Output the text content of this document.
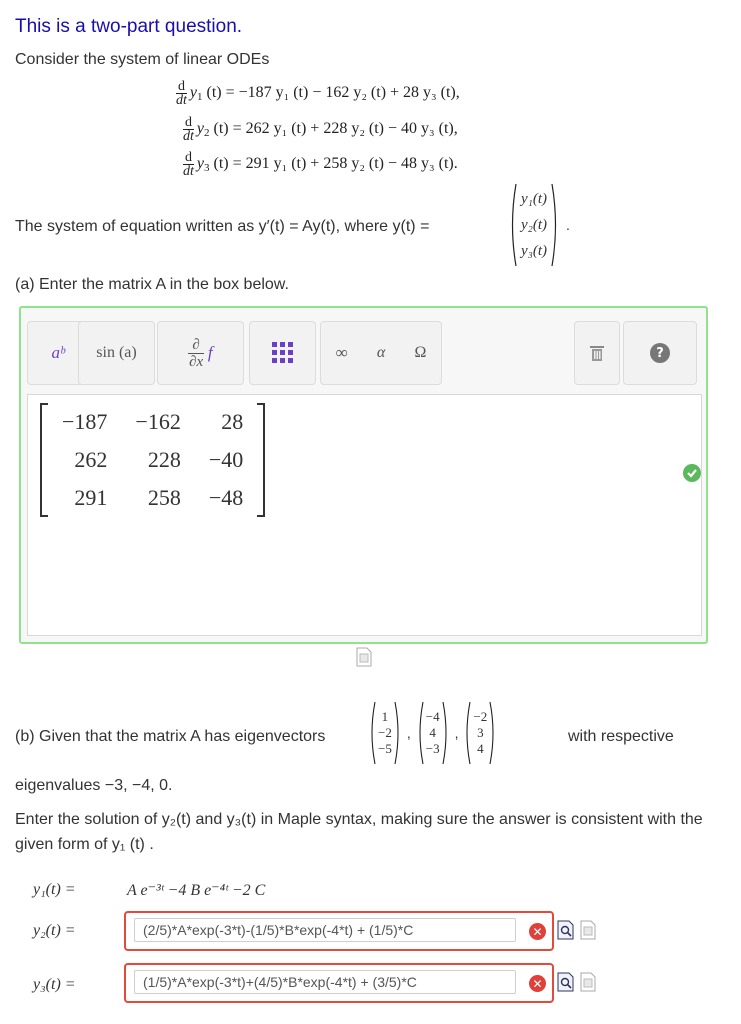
This is a two-part question.
Consider the system of linear ODEs
$\frac{d}{dt} y_1$ (t) = −187 y₁ (t) − 162 y₂ (t) + 28 y₃ (t),
$\frac{d}{dt} y_2$ (t) = 262 y₁ (t) + 228 y₂ (t) − 40 y₃ (t),
$\frac{d}{dt} y_3$ (t) = 291 y₁ (t) + 258 y₂ (t) − 48 y₃ (t).
The system of equation written as y′(t) = Ay(t), where y(t) =
y₁(t)
y₂(t)
y₃(t)
.
(a) Enter the matrix A in the box below.
aᵇ sin (a)	∂
∂x f	∞ α Ω	?
−187	−162	28
262	228	−40
291	258	−48
(b) Given that the matrix A has eigenvectors
1
−2
−5
,
−4
4
−3
,
−2
3
4
with respective
eigenvalues −3, −4, 0.
Enter the solution of y₂(t) and y₃(t) in Maple syntax, making sure the answer is consistent with the given form of y₁ (t) .
y₁(t) =	A e⁻³ᵗ −4 B e⁻⁴ᵗ −2 C
y₂(t) =	(2/5)*A*exp(-3*t)-(1/5)*B*exp(-4*t) + (1/5)*C	✕
y₃(t) =	(1/5)*A*exp(-3*t)+(4/5)*B*exp(-4*t) + (3/5)*C	✕
